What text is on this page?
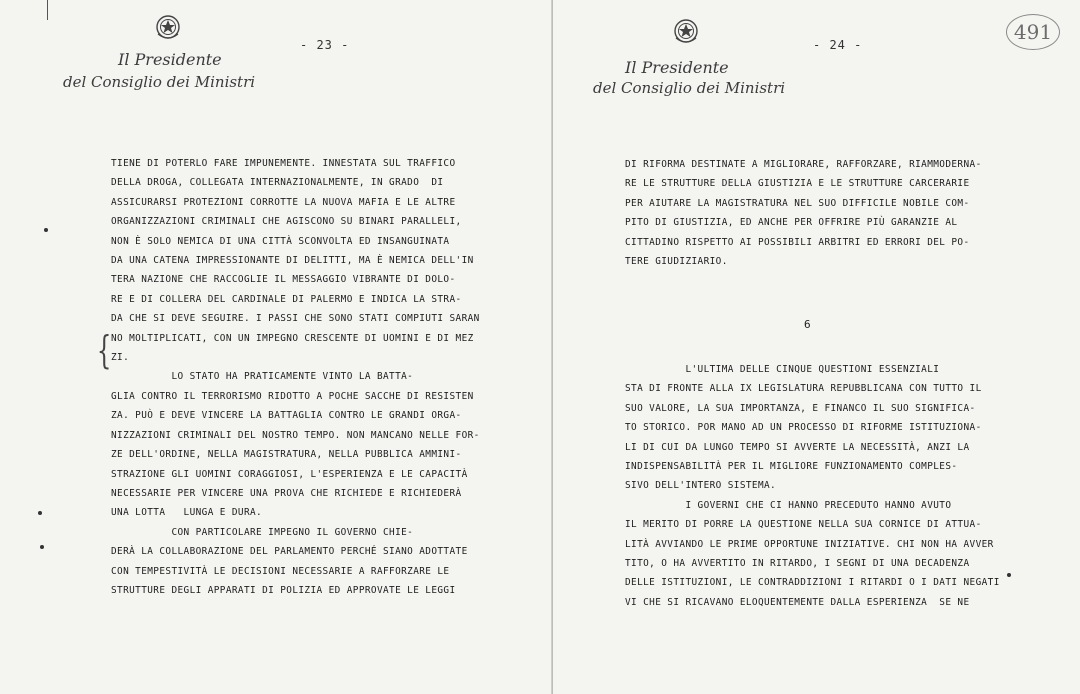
Il Presidente
del Consiglio dei Ministri
- 23 -
{
TIENE DI POTERLO FARE IMPUNEMENTE. INNESTATA SUL TRAFFICO
DELLA DROGA, COLLEGATA INTERNAZIONALMENTE, IN GRADO  DI
ASSICURARSI PROTEZIONI CORROTTE LA NUOVA MAFIA E LE ALTRE
ORGANIZZAZIONI CRIMINALI CHE AGISCONO SU BINARI PARALLELI,
NON È SOLO NEMICA DI UNA CITTÀ SCONVOLTA ED INSANGUINATA
DA UNA CATENA IMPRESSIONANTE DI DELITTI, MA È NEMICA DELL'IN
TERA NAZIONE CHE RACCOGLIE IL MESSAGGIO VIBRANTE DI DOLO-
RE E DI COLLERA DEL CARDINALE DI PALERMO E INDICA LA STRA-
DA CHE SI DEVE SEGUIRE. I PASSI CHE SONO STATI COMPIUTI SARAN
NO MOLTIPLICATI, CON UN IMPEGNO CRESCENTE DI UOMINI E DI MEZ
ZI.
LO STATO HA PRATICAMENTE VINTO LA BATTA-
GLIA CONTRO IL TERRORISMO RIDOTTO A POCHE SACCHE DI RESISTEN
ZA. PUÒ E DEVE VINCERE LA BATTAGLIA CONTRO LE GRANDI ORGA-
NIZZAZIONI CRIMINALI DEL NOSTRO TEMPO. NON MANCANO NELLE FOR-
ZE DELL'ORDINE, NELLA MAGISTRATURA, NELLA PUBBLICA AMMINI-
STRAZIONE GLI UOMINI CORAGGIOSI, L'ESPERIENZA E LE CAPACITÀ
NECESSARIE PER VINCERE UNA PROVA CHE RICHIEDE E RICHIEDERÀ
UNA LOTTA   LUNGA E DURA.
CON PARTICOLARE IMPEGNO IL GOVERNO CHIE-
DERÀ LA COLLABORAZIONE DEL PARLAMENTO PERCHÉ SIANO ADOTTATE
CON TEMPESTIVITÀ LE DECISIONI NECESSARIE A RAFFORZARE LE
STRUTTURE DEGLI APPARATI DI POLIZIA ED APPROVATE LE LEGGI
Il Presidente
del Consiglio dei Ministri
- 24 -
DI RIFORMA DESTINATE A MIGLIORARE, RAFFORZARE, RIAMMODERNA-
RE LE STRUTTURE DELLA GIUSTIZIA E LE STRUTTURE CARCERARIE
PER AIUTARE LA MAGISTRATURA NEL SUO DIFFICILE NOBILE COM-
PITO DI GIUSTIZIA, ED ANCHE PER OFFRIRE PIÙ GARANZIE AL
CITTADINO RISPETTO AI POSSIBILI ARBITRI ED ERRORI DEL PO-
TERE GIUDIZIARIO.
L'ULTIMA DELLE CINQUE QUESTIONI ESSENZIALI
STA DI FRONTE ALLA IX LEGISLATURA REPUBBLICANA CON TUTTO IL
SUO VALORE, LA SUA IMPORTANZA, E FINANCO IL SUO SIGNIFICA-
TO STORICO. POR MANO AD UN PROCESSO DI RIFORME ISTITUZIONA-
LI DI CUI DA LUNGO TEMPO SI AVVERTE LA NECESSITÀ, ANZI LA
INDISPENSABILITÀ PER IL MIGLIORE FUNZIONAMENTO COMPLES-
SIVO DELL'INTERO SISTEMA.
I GOVERNI CHE CI HANNO PRECEDUTO HANNO AVUTO
IL MERITO DI PORRE LA QUESTIONE NELLA SUA CORNICE DI ATTUA-
LITÀ AVVIANDO LE PRIME OPPORTUNE INIZIATIVE. CHI NON HA AVVER
TITO, O HA AVVERTITO IN RITARDO, I SEGNI DI UNA DECADENZA
DELLE ISTITUZIONI, LE CONTRADDIZIONI I RITARDI O I DATI NEGATI
VI CHE SI RICAVANO ELOQUENTEMENTE DALLA ESPERIENZA  SE NE
6
491
